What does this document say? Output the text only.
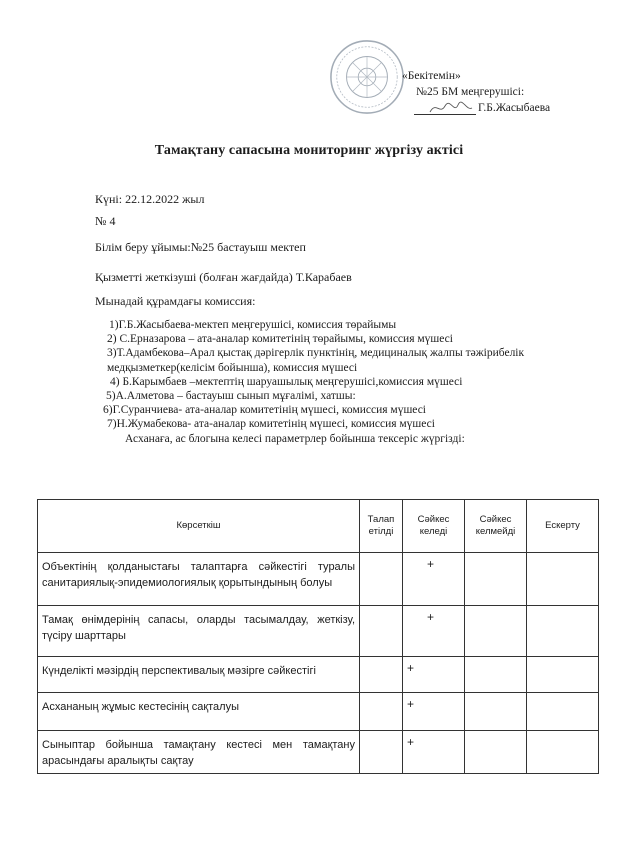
«Бекітемін»
№25 БМ меңгерушісі:
Г.Б.Жасыбаева
Тамақтану сапасына мониторинг жүргізу актісі
Күні: 22.12.2022 жыл
№ 4
Білім беру ұйымы:№25 бастауыш мектеп
Қызметті жеткізуші (болған жағдайда) Т.Карабаев
Мынадай құрамдағы комиссия:
1)Г.Б.Жасыбаева-мектеп меңгерушісі, комиссия төрайымы
2) С.Ерназарова – ата-аналар комитетінің төрайымы, комиссия мүшесі
3)Т.Адамбекова–Арал қыстақ дәрігерлік пунктінің, медициналық жалпы тәжірибелік
медқызметкер(келісім бойынша), комиссия мүшесі
4) Б.Карымбаев –мектептің шаруашылық меңгерушісі,комиссия мүшесі
5)А.Алметова – бастауыш сынып мұғалімі, хатшы:
6)Г.Суранчиева- ата-аналар комитетінің мүшесі, комиссия мүшесі
7)Н.Жумабекова- ата-аналар комитетінің мүшесі, комиссия мүшесі
Асханаға, ас блогына келесі параметрлер бойынша тексеріс жүргізді:
Көрсеткіш	Талап етілді	Сәйкес келеді	Сәйкес келмейді	Ескерту
Объектінің қолданыстағы талаптарға сәйкестігі туралы санитариялық-эпидемиологиялық қорытындының болуы		+		
Тамақ өнімдерінің сапасы, оларды тасымалдау, жеткізу, түсіру шарттары		+		
Күнделікті мәзірдің перспективалық мәзірге сәйкестігі		+		
Асхананың жұмыс кестесінің сақталуы		+		
Сыныптар бойынша тамақтану кестесі мен тамақтану арасындағы аралықты сақтау		+		
